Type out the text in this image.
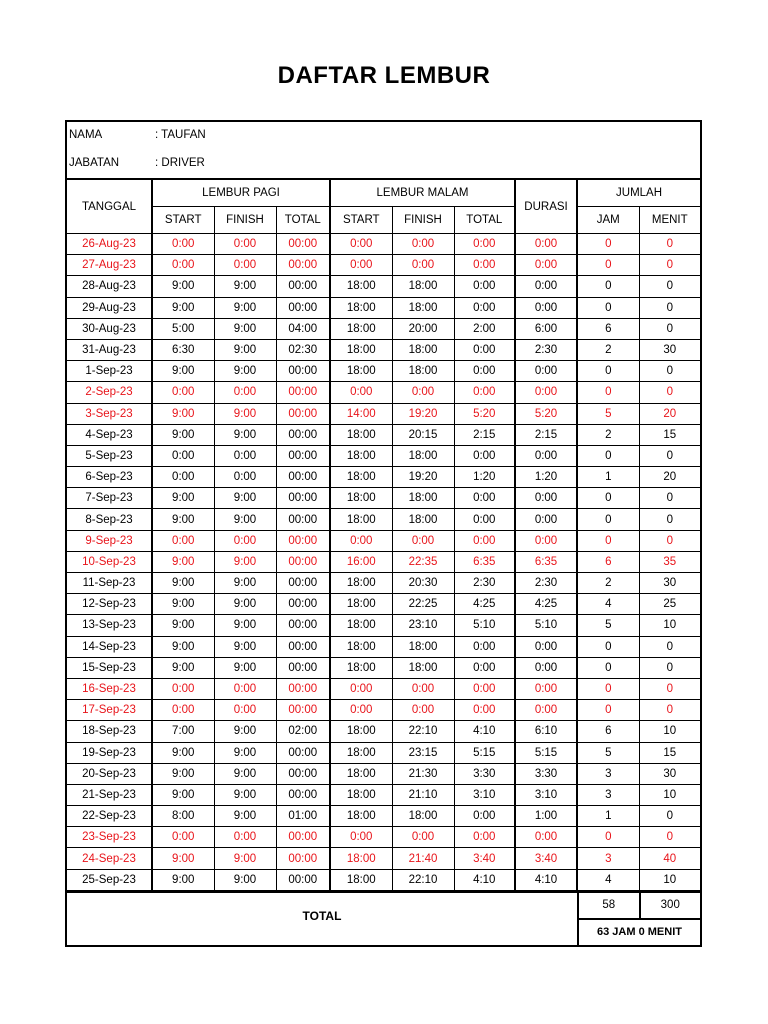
DAFTAR LEMBUR
NAMA	: TAUFAN
JABATAN	: DRIVER
TANGGAL	LEMBUR PAGI			LEMBUR MALAM			DURASI	JUMLAH	
	START	FINISH	TOTAL	START	FINISH	TOTAL		JAM	MENIT
26-Aug-23	0:00	0:00	00:00	0:00	0:00	0:00	0:00	0	0
27-Aug-23	0:00	0:00	00:00	0:00	0:00	0:00	0:00	0	0
28-Aug-23	9:00	9:00	00:00	18:00	18:00	0:00	0:00	0	0
29-Aug-23	9:00	9:00	00:00	18:00	18:00	0:00	0:00	0	0
30-Aug-23	5:00	9:00	04:00	18:00	20:00	2:00	6:00	6	0
31-Aug-23	6:30	9:00	02:30	18:00	18:00	0:00	2:30	2	30
1-Sep-23	9:00	9:00	00:00	18:00	18:00	0:00	0:00	0	0
2-Sep-23	0:00	0:00	00:00	0:00	0:00	0:00	0:00	0	0
3-Sep-23	9:00	9:00	00:00	14:00	19:20	5:20	5:20	5	20
4-Sep-23	9:00	9:00	00:00	18:00	20:15	2:15	2:15	2	15
5-Sep-23	0:00	0:00	00:00	18:00	18:00	0:00	0:00	0	0
6-Sep-23	0:00	0:00	00:00	18:00	19:20	1:20	1:20	1	20
7-Sep-23	9:00	9:00	00:00	18:00	18:00	0:00	0:00	0	0
8-Sep-23	9:00	9:00	00:00	18:00	18:00	0:00	0:00	0	0
9-Sep-23	0:00	0:00	00:00	0:00	0:00	0:00	0:00	0	0
10-Sep-23	9:00	9:00	00:00	16:00	22:35	6:35	6:35	6	35
11-Sep-23	9:00	9:00	00:00	18:00	20:30	2:30	2:30	2	30
12-Sep-23	9:00	9:00	00:00	18:00	22:25	4:25	4:25	4	25
13-Sep-23	9:00	9:00	00:00	18:00	23:10	5:10	5:10	5	10
14-Sep-23	9:00	9:00	00:00	18:00	18:00	0:00	0:00	0	0
15-Sep-23	9:00	9:00	00:00	18:00	18:00	0:00	0:00	0	0
16-Sep-23	0:00	0:00	00:00	0:00	0:00	0:00	0:00	0	0
17-Sep-23	0:00	0:00	00:00	0:00	0:00	0:00	0:00	0	0
18-Sep-23	7:00	9:00	02:00	18:00	22:10	4:10	6:10	6	10
19-Sep-23	9:00	9:00	00:00	18:00	23:15	5:15	5:15	5	15
20-Sep-23	9:00	9:00	00:00	18:00	21:30	3:30	3:30	3	30
21-Sep-23	9:00	9:00	00:00	18:00	21:10	3:10	3:10	3	10
22-Sep-23	8:00	9:00	01:00	18:00	18:00	0:00	1:00	1	0
23-Sep-23	0:00	0:00	00:00	0:00	0:00	0:00	0:00	0	0
24-Sep-23	9:00	9:00	00:00	18:00	21:40	3:40	3:40	3	40
25-Sep-23	9:00	9:00	00:00	18:00	22:10	4:10	4:10	4	10
TOTAL
58	300
63 JAM 0 MENIT
